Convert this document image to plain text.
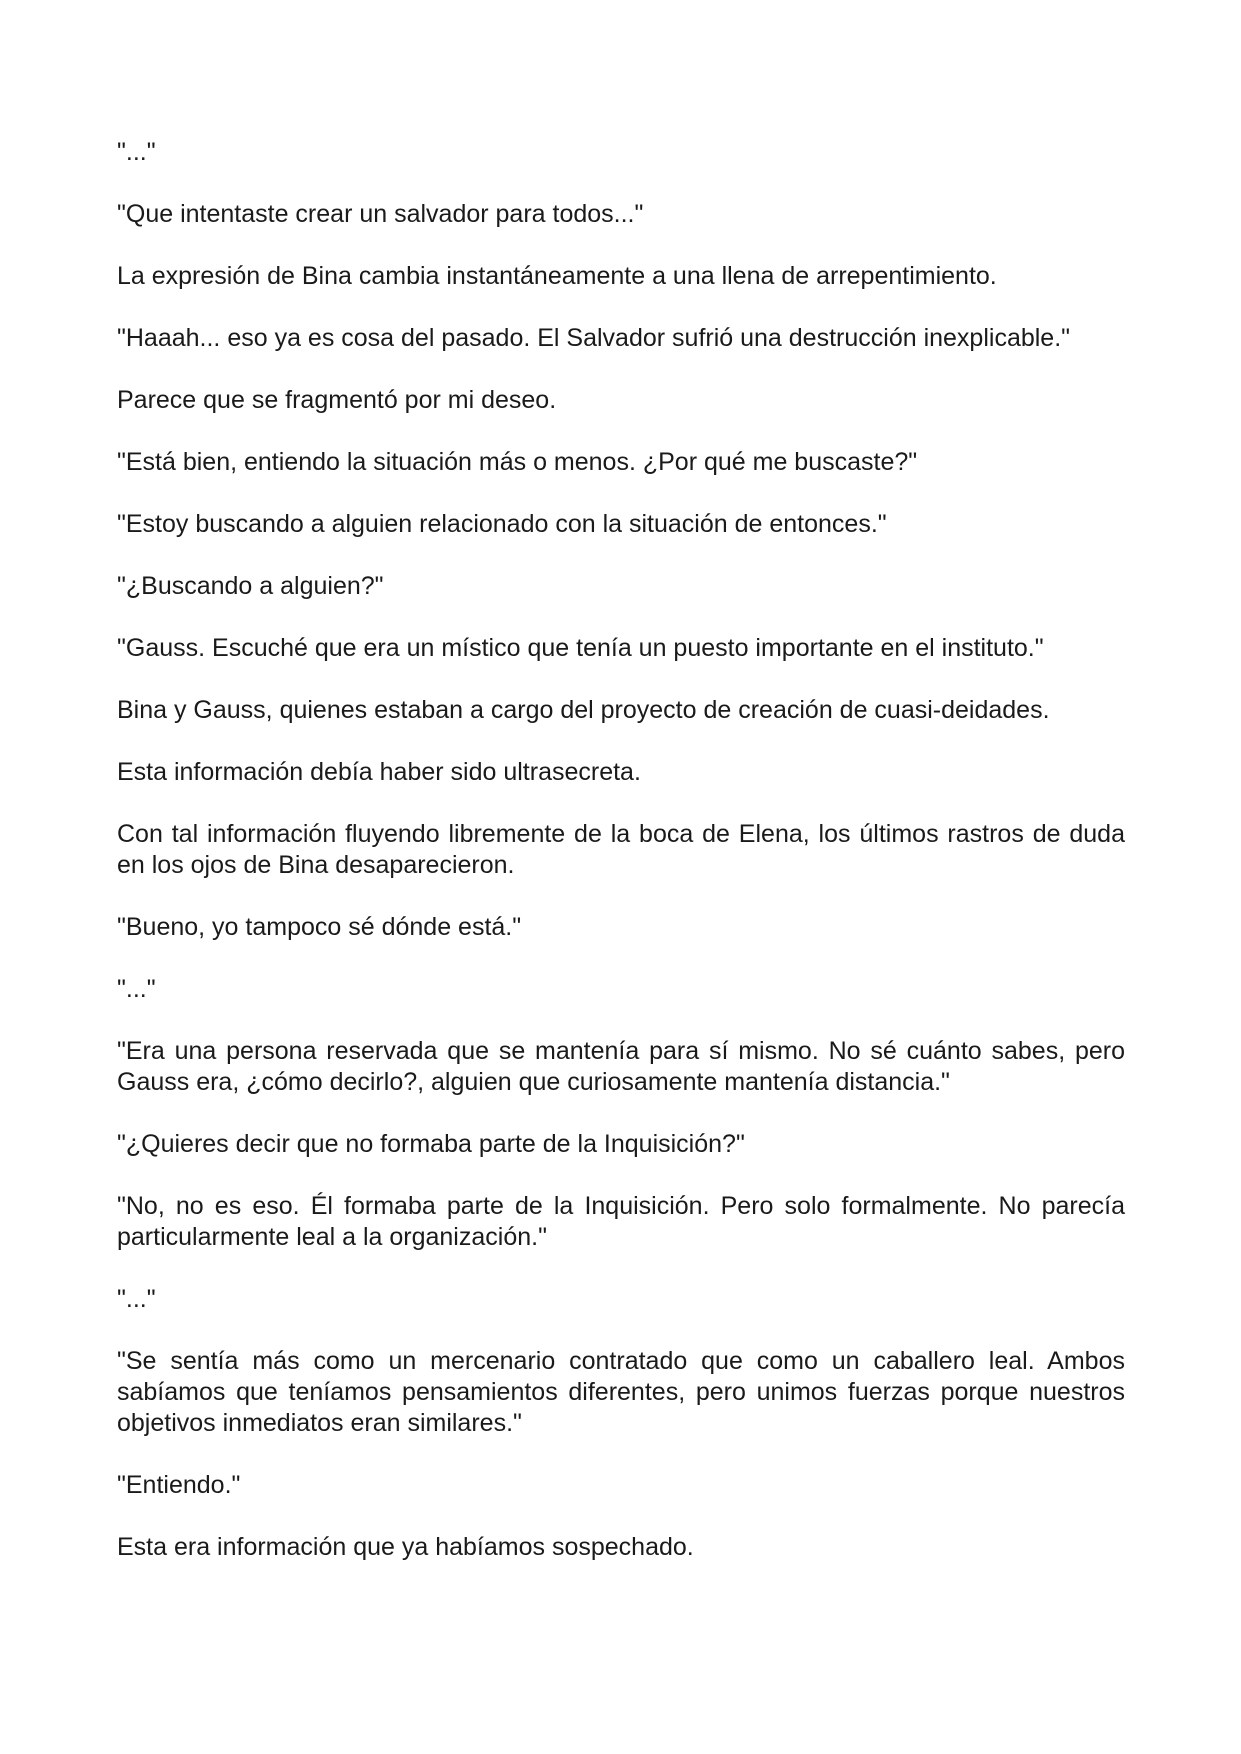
"..."

"Que intentaste crear un salvador para todos..."

La expresión de Bina cambia instantáneamente a una llena de arrepentimiento.

"Haaah... eso ya es cosa del pasado. El Salvador sufrió una destrucción inexplicable."

Parece que se fragmentó por mi deseo.

"Está bien, entiendo la situación más o menos. ¿Por qué me buscaste?"

"Estoy buscando a alguien relacionado con la situación de entonces."

"¿Buscando a alguien?"

"Gauss. Escuché que era un místico que tenía un puesto importante en el instituto."

Bina y Gauss, quienes estaban a cargo del proyecto de creación de cuasi-deidades.

Esta información debía haber sido ultrasecreta.

Con tal información fluyendo libremente de la boca de Elena, los últimos rastros de duda en los ojos de Bina desaparecieron.

"Bueno, yo tampoco sé dónde está."

"..."

"Era una persona reservada que se mantenía para sí mismo. No sé cuánto sabes, pero Gauss era, ¿cómo decirlo?, alguien que curiosamente mantenía distancia."

"¿Quieres decir que no formaba parte de la Inquisición?"

"No, no es eso. Él formaba parte de la Inquisición. Pero solo formalmente. No parecía particularmente leal a la organización."

"..."

"Se sentía más como un mercenario contratado que como un caballero leal. Ambos sabíamos que teníamos pensamientos diferentes, pero unimos fuerzas porque nuestros objetivos inmediatos eran similares."

"Entiendo."

Esta era información que ya habíamos sospechado.
